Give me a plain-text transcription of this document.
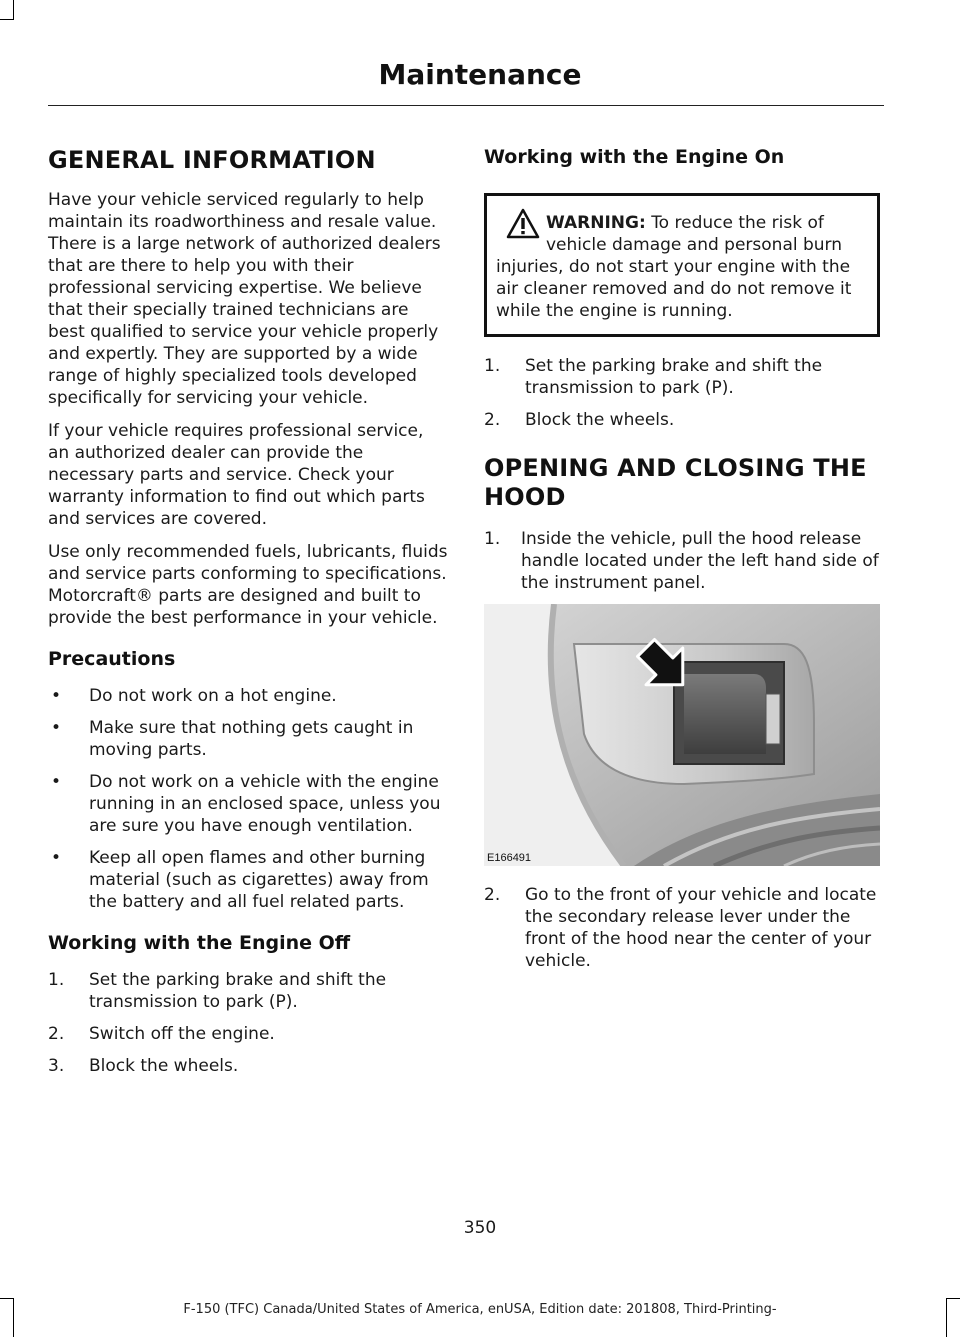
Maintenance
GENERAL INFORMATION

Have your vehicle serviced regularly to help maintain its roadworthiness and resale value. There is a large network of authorized dealers that are there to help you with their professional servicing expertise. We believe that their specially trained technicians are best qualified to service your vehicle properly and expertly. They are supported by a wide range of highly specialized tools developed specifically for servicing your vehicle.

If your vehicle requires professional service, an authorized dealer can provide the necessary parts and service. Check your warranty information to find out which parts and services are covered.

Use only recommended fuels, lubricants, fluids and service parts conforming to specifications. Motorcraft® parts are designed and built to provide the best performance in your vehicle.

Precautions
•	Do not work on a hot engine.
•	Make sure that nothing gets caught in moving parts.
•	Do not work on a vehicle with the engine running in an enclosed space, unless you are sure you have enough ventilation.
•	Keep all open flames and other burning material (such as cigarettes) away from the battery and all fuel related parts.
Working with the Engine Off
1.	Set the parking brake and shift the transmission to park (P).
2.	Switch off the engine.
3.	Block the wheels.
Working with the Engine On
WARNING: To reduce the risk of vehicle damage and personal burn injuries, do not start your engine with the air cleaner removed and do not remove it while the engine is running.
1.	Set the parking brake and shift the transmission to park (P).
2.	Block the wheels.
OPENING AND CLOSING THE
HOOD
1.	Inside the vehicle, pull the hood release handle located under the left hand side of the instrument panel.
E166491
2.	Go to the front of your vehicle and locate the secondary release lever under the front of the hood near the center of your vehicle.
350
F-150 (TFC) Canada/United States of America, enUSA, Edition date: 201808, Third-Printing-
